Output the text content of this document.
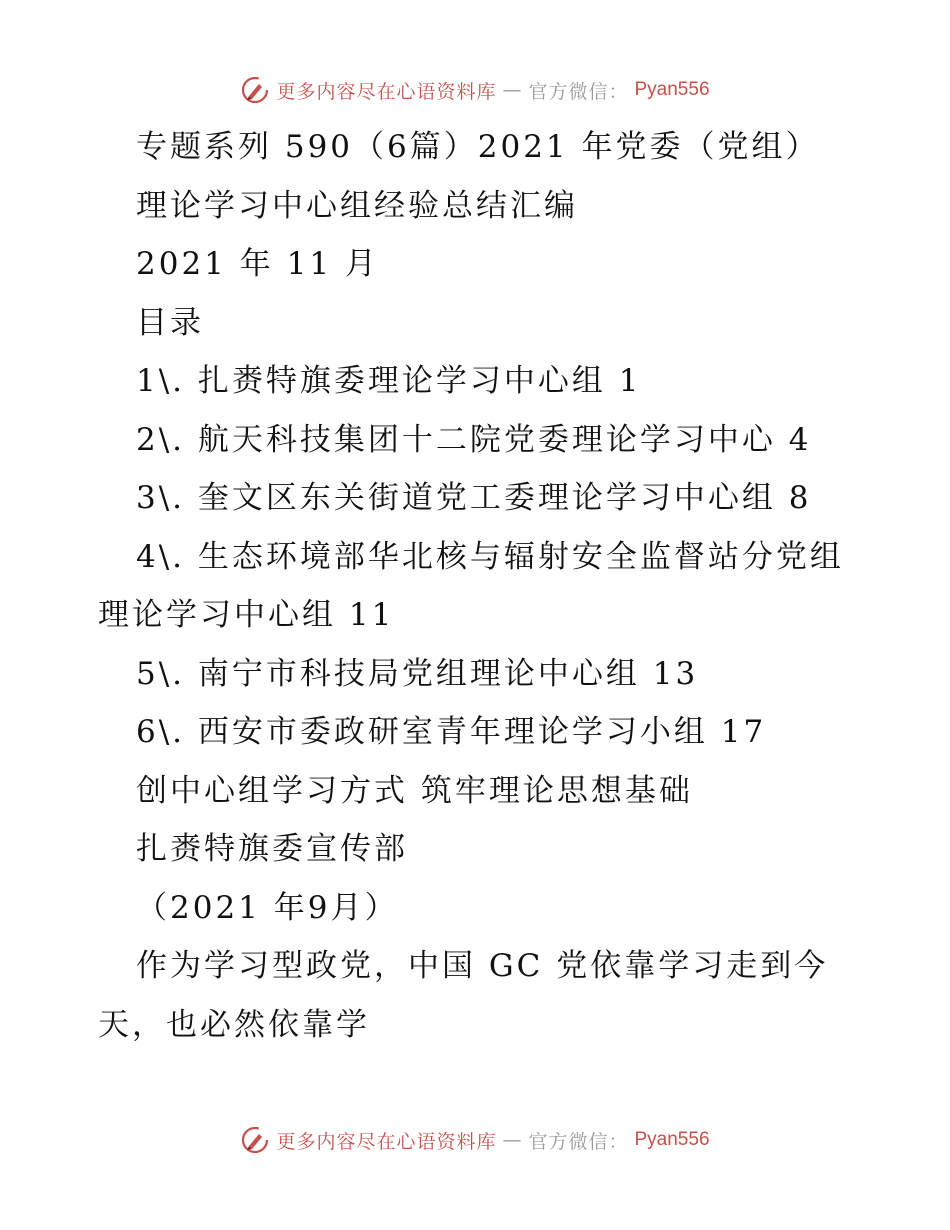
更多内容尽在心语资料库 — 官方微信： Pyan556
专题系列 590（6篇）2021 年党委（党组）
理论学习中心组经验总结汇编
2021 年 11 月
目录
1\. 扎赉特旗委理论学习中心组 1
2\. 航天科技集团十二院党委理论学习中心 4
3\. 奎文区东关街道党工委理论学习中心组 8
4\. 生态环境部华北核与辐射安全监督站分党组
理论学习中心组 11
5\. 南宁市科技局党组理论中心组 13
6\. 西安市委政研室青年理论学习小组 17
创中心组学习方式 筑牢理论思想基础
扎赉特旗委宣传部
（2021 年9月）
作为学习型政党，中国 GC 党依靠学习走到今
天，也必然依靠学
更多内容尽在心语资料库 — 官方微信： Pyan556
